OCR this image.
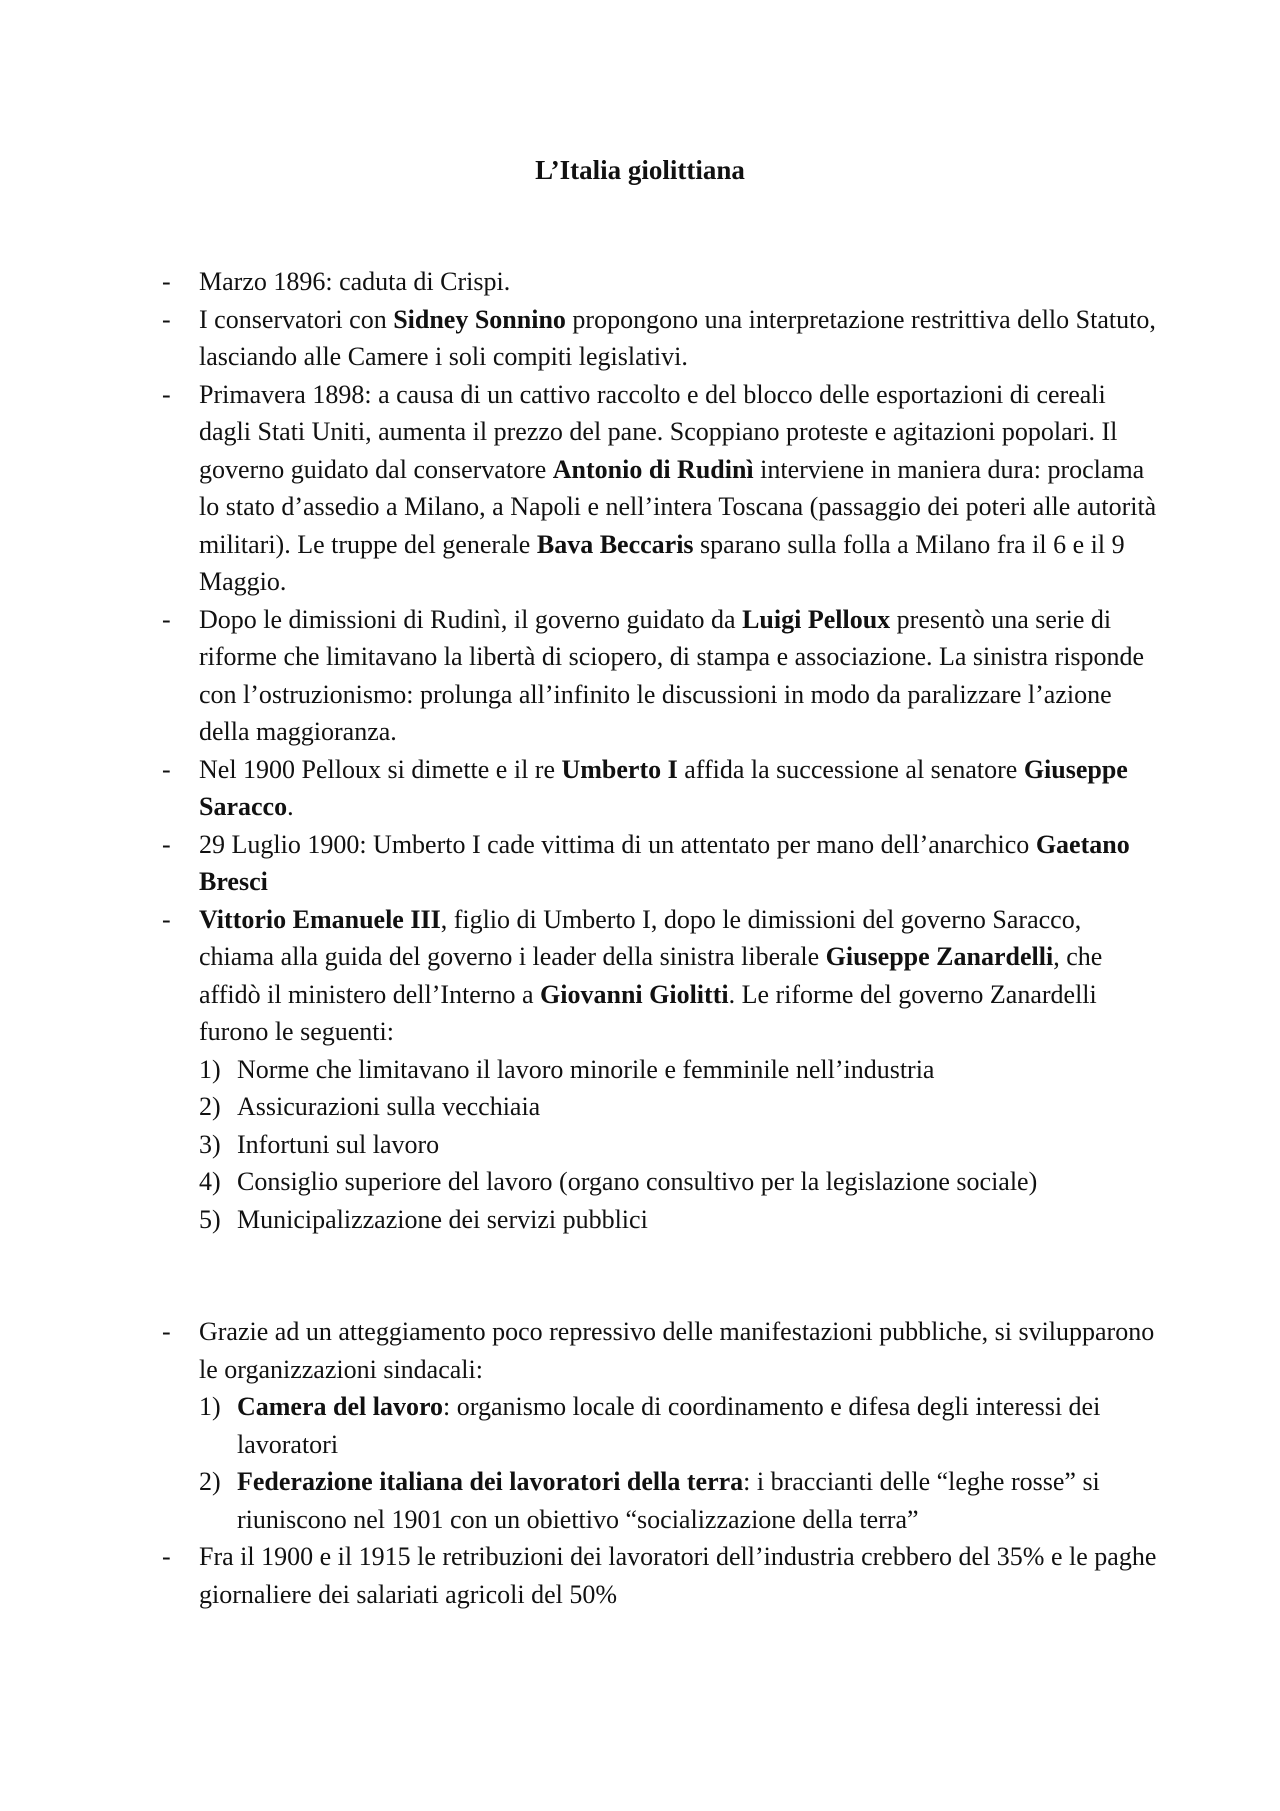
L’Italia giolittiana
- Marzo 1896: caduta di Crispi.
- I conservatori con Sidney Sonnino propongono una interpretazione restrittiva dello Statuto, lasciando alle Camere i soli compiti legislativi.
- Primavera 1898: a causa di un cattivo raccolto e del blocco delle esportazioni di cereali dagli Stati Uniti, aumenta il prezzo del pane. Scoppiano proteste e agitazioni popolari. Il governo guidato dal conservatore Antonio di Rudinì interviene in maniera dura: proclama lo stato d’assedio a Milano, a Napoli e nell’intera Toscana (passaggio dei poteri alle autorità militari). Le truppe del generale Bava Beccaris sparano sulla folla a Milano fra il 6 e il 9 Maggio.
- Dopo le dimissioni di Rudinì, il governo guidato da Luigi Pelloux presentò una serie di riforme che limitavano la libertà di sciopero, di stampa e associazione. La sinistra risponde con l’ostruzionismo: prolunga all’infinito le discussioni in modo da paralizzare l’azione della maggioranza.
- Nel 1900 Pelloux si dimette e il re Umberto I affida la successione al senatore Giuseppe Saracco.
- 29 Luglio 1900: Umberto I cade vittima di un attentato per mano dell’anarchico Gaetano Bresci
- Vittorio Emanuele III, figlio di Umberto I, dopo le dimissioni del governo Saracco, chiama alla guida del governo i leader della sinistra liberale Giuseppe Zanardelli, che affidò il ministero dell’Interno a Giovanni Giolitti. Le riforme del governo Zanardelli furono le seguenti:
1) Norme che limitavano il lavoro minorile e femminile nell’industria
2) Assicurazioni sulla vecchiaia
3) Infortuni sul lavoro
4) Consiglio superiore del lavoro (organo consultivo per la legislazione sociale)
5) Municipalizzazione dei servizi pubblici
- Grazie ad un atteggiamento poco repressivo delle manifestazioni pubbliche, si svilupparono le organizzazioni sindacali:
1) Camera del lavoro: organismo locale di coordinamento e difesa degli interessi dei lavoratori
2) Federazione italiana dei lavoratori della terra: i braccianti delle “leghe rosse” si riuniscono nel 1901 con un obiettivo “socializzazione della terra”
- Fra il 1900 e il 1915 le retribuzioni dei lavoratori dell’industria crebbero del 35% e le paghe giornaliere dei salariati agricoli del 50%
